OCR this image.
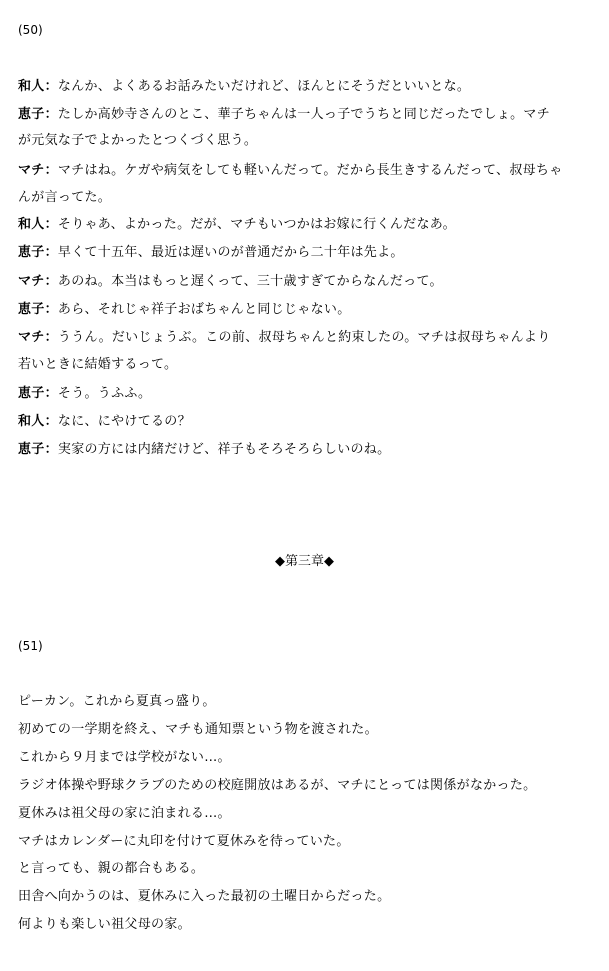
(50)
和人：なんか、よくあるお話みたいだけれど、ほんとにそうだといいとな。
恵子：たしか高妙寺さんのとこ、華子ちゃんは一人っ子でうちと同じだったでしょ。マチ
が元気な子でよかったとつくづく思う。
マチ：マチはね。ケガや病気をしても軽いんだって。だから長生きするんだって、叔母ちゃ
んが言ってた。
和人：そりゃあ、よかった。だが、マチもいつかはお嫁に行くんだなあ。
恵子：早くて十五年、最近は遅いのが普通だから二十年は先よ。
マチ：あのね。本当はもっと遅くって、三十歳すぎてからなんだって。
恵子：あら、それじゃ祥子おばちゃんと同じじゃない。
マチ：ううん。だいじょうぶ。この前、叔母ちゃんと約束したの。マチは叔母ちゃんより
若いときに結婚するって。
恵子：そう。うふふ。
和人：なに、にやけてるの？
恵子：実家の方には内緒だけど、祥子もそろそろらしいのね。
◆第三章◆
(51)
ピーカン。これから夏真っ盛り。
初めての一学期を終え、マチも通知票という物を渡された。
これから９月までは学校がない…。
ラジオ体操や野球クラブのための校庭開放はあるが、マチにとっては関係がなかった。
夏休みは祖父母の家に泊まれる…。
マチはカレンダーに丸印を付けて夏休みを待っていた。
と言っても、親の都合もある。
田舎へ向かうのは、夏休みに入った最初の土曜日からだった。
何よりも楽しい祖父母の家。
